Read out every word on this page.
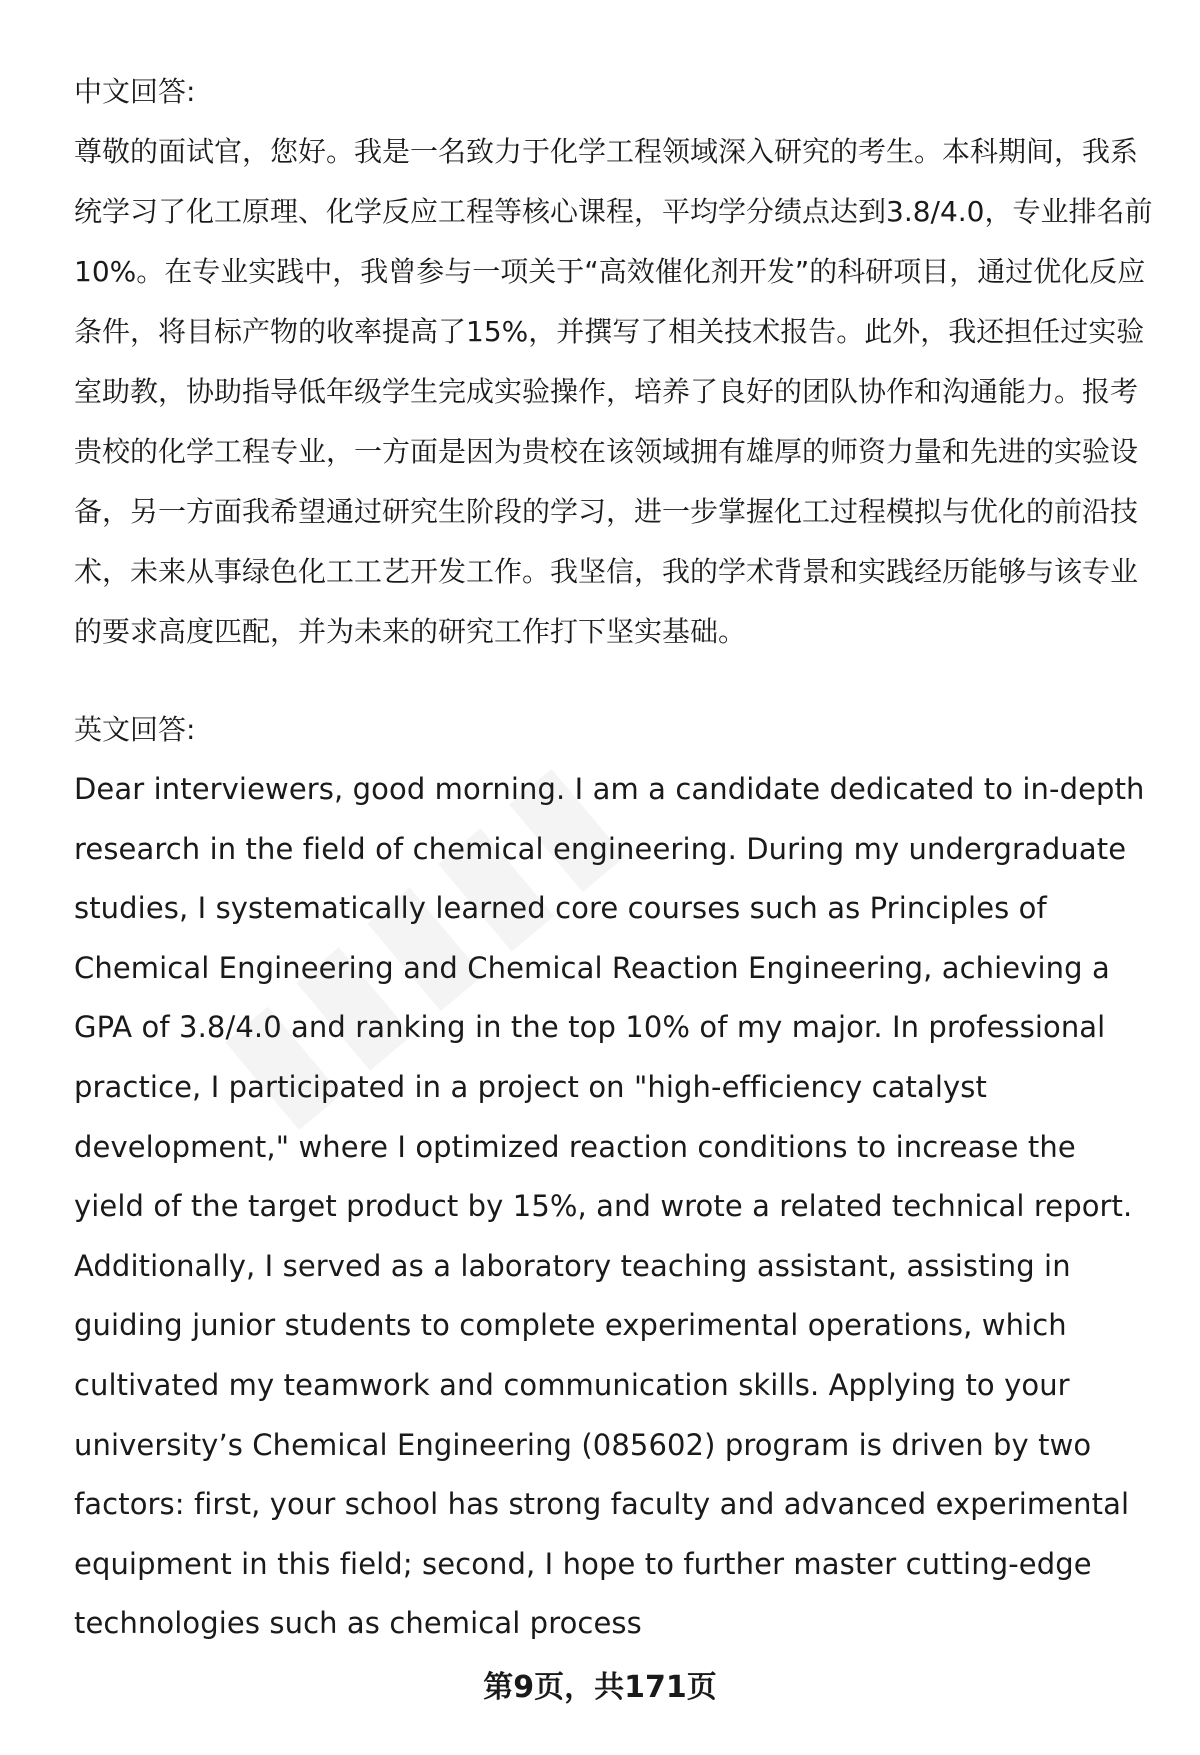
中文回答:

尊敬的面试官，您好。我是一名致力于化学工程领域深入研究的考生。本科期间，我系统学习了化工原理、化学反应工程等核心课程，平均学分绩点达到3.8/4.0，专业排名前10%。在专业实践中，我曾参与一项关于“高效催化剂开发”的科研项目，通过优化反应条件，将目标产物的收率提高了15%，并撰写了相关技术报告。此外，我还担任过实验室助教，协助指导低年级学生完成实验操作，培养了良好的团队协作和沟通能力。报考贵校的化学工程专业，一方面是因为贵校在该领域拥有雄厚的师资力量和先进的实验设备，另一方面我希望通过研究生阶段的学习，进一步掌握化工过程模拟与优化的前沿技术，未来从事绿色化工工艺开发工作。我坚信，我的学术背景和实践经历能够与该专业的要求高度匹配，并为未来的研究工作打下坚实基础。

英文回答:

Dear interviewers, good morning. I am a candidate dedicated to in-depth research in the field of chemical engineering. During my undergraduate studies, I systematically learned core courses such as Principles of Chemical Engineering and Chemical Reaction Engineering, achieving a GPA of 3.8/4.0 and ranking in the top 10% of my major. In professional practice, I participated in a project on "high-efficiency catalyst development," where I optimized reaction conditions to increase the yield of the target product by 15%, and wrote a related technical report. Additionally, I served as a laboratory teaching assistant, assisting in guiding junior students to complete experimental operations, which cultivated my teamwork and communication skills. Applying to your university’s Chemical Engineering (085602) program is driven by two factors: first, your school has strong faculty and advanced experimental equipment in this field; second, I hope to further master cutting-edge technologies such as chemical process

第9页，共171页
